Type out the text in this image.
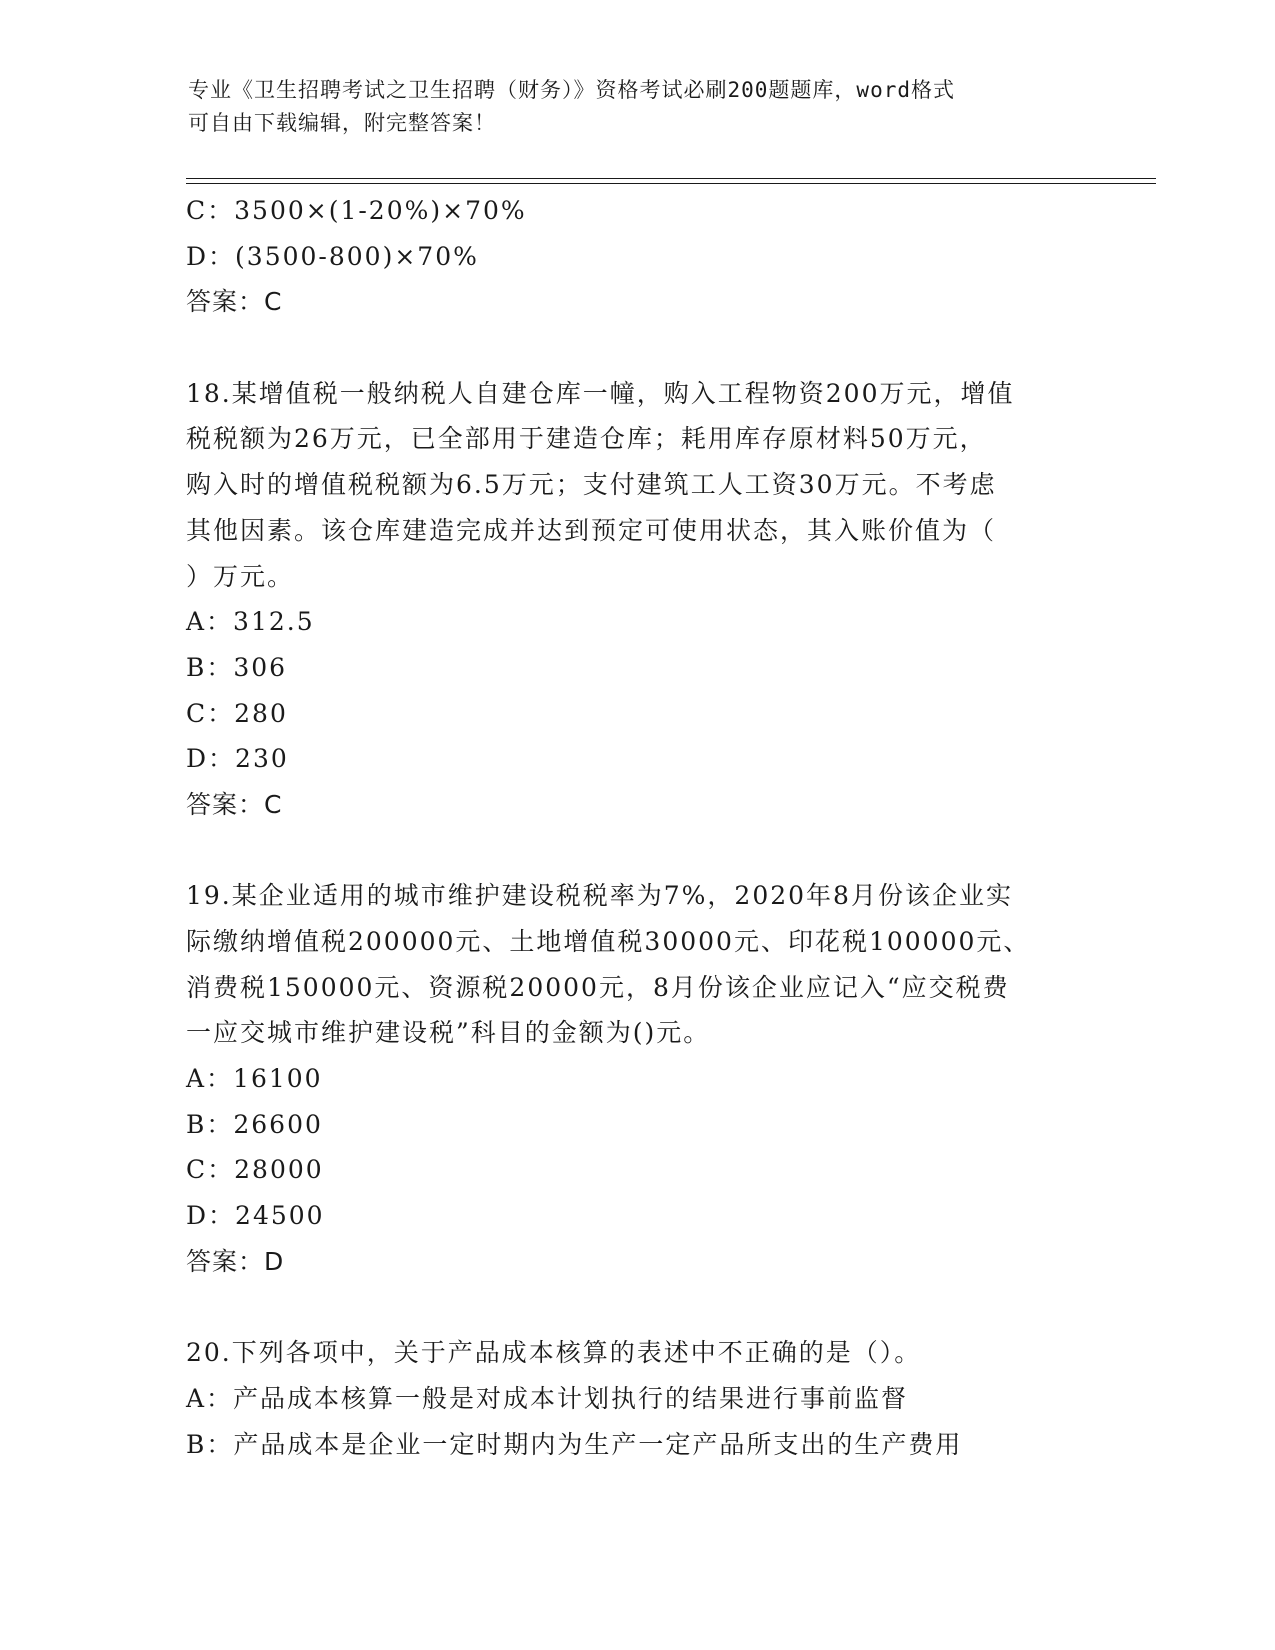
专业《卫生招聘考试之卫生招聘（财务）》资格考试必刷200题题库，word格式
可自由下载编辑，附完整答案！
C：3500×(1-20%)×70%
D：(3500-800)×70%
答案：C
18.某增值税一般纳税人自建仓库一幢，购入工程物资200万元，增值
税税额为26万元，已全部用于建造仓库；耗用库存原材料50万元，
购入时的增值税税额为6.5万元；支付建筑工人工资30万元。不考虑
其他因素。该仓库建造完成并达到预定可使用状态，其入账价值为（
）万元。
A：312.5
B：306
C：280
D：230
答案：C
19.某企业适用的城市维护建设税税率为7%，2020年8月份该企业实
际缴纳增值税200000元、土地增值税30000元、印花税100000元、
消费税150000元、资源税20000元，8月份该企业应记入“应交税费
一应交城市维护建设税”科目的金额为()元。
A：16100
B：26600
C：28000
D：24500
答案：D
20.下列各项中，关于产品成本核算的表述中不正确的是（）。
A：产品成本核算一般是对成本计划执行的结果进行事前监督
B：产品成本是企业一定时期内为生产一定产品所支出的生产费用
